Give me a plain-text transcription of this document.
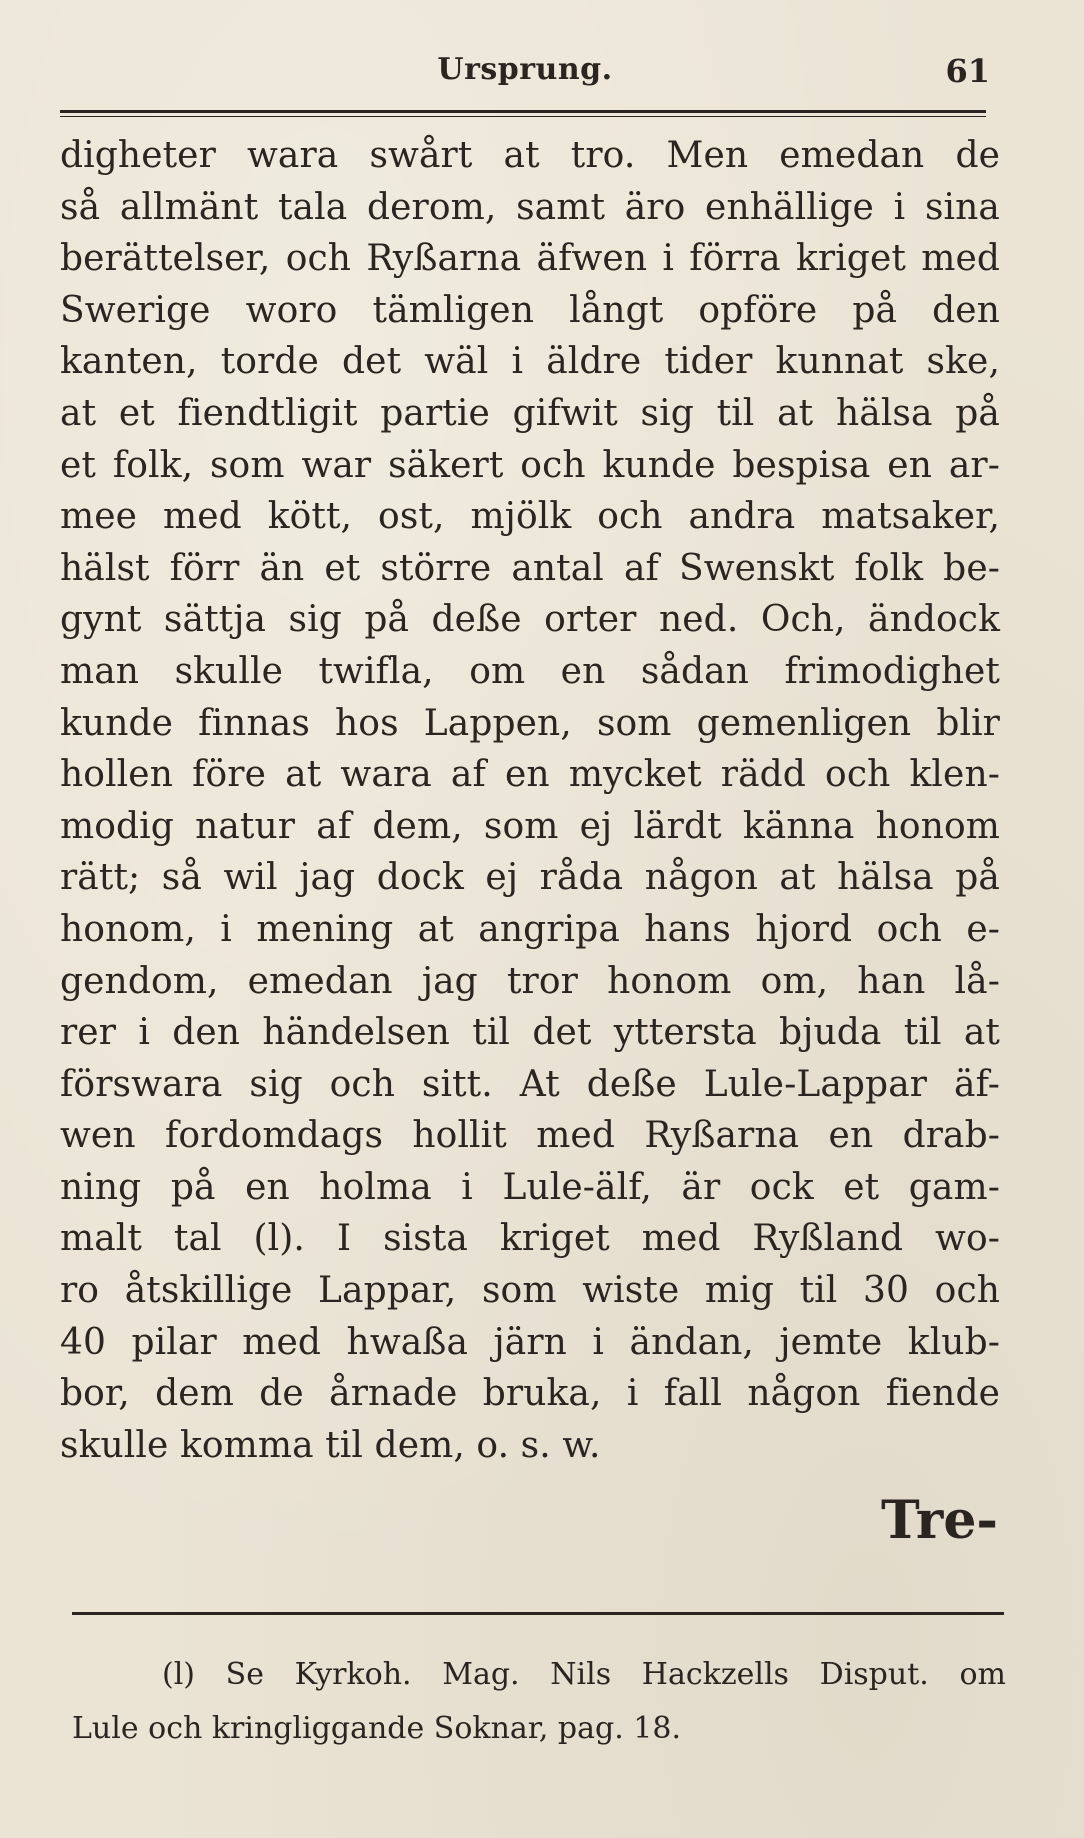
Ursprung.	61
digheter wara swårt at tro. Men emedan de
så allmänt tala derom, samt äro enhällige i sina
berättelser, och Ryßarna äfwen i förra kriget med
Swerige woro tämligen långt opföre på den
kanten, torde det wäl i äldre tider kunnat ske,
at et fiendtligit partie gifwit sig til at hälsa på
et folk, som war säkert och kunde bespisa en ar-
mee med kött, ost, mjölk och andra matsaker,
hälst förr än et större antal af Swenskt folk be-
gynt sättja sig på deße orter ned. Och, ändock
man skulle twifla, om en sådan frimodighet
kunde finnas hos Lappen, som gemenligen blir
hollen före at wara af en mycket rädd och klen-
modig natur af dem, som ej lärdt känna honom
rätt; så wil jag dock ej råda någon at hälsa på
honom, i mening at angripa hans hjord och e-
gendom, emedan jag tror honom om, han lå-
rer i den händelsen til det yttersta bjuda til at
förswara sig och sitt. At deße Lule-Lappar äf-
wen fordomdags hollit med Ryßarna en drab-
ning på en holma i Lule-älf, är ock et gam-
malt tal (l). I sista kriget med Ryßland wo-
ro åtskillige Lappar, som wiste mig til 30 och
40 pilar med hwaßa järn i ändan, jemte klub-
bor, dem de årnade bruka, i fall någon fiende
skulle komma til dem, o. s. w.
Tre-
(l) Se Kyrkoh. Mag. Nils Hackzells Disput. om
Lule och kringliggande Soknar, pag. 18.
